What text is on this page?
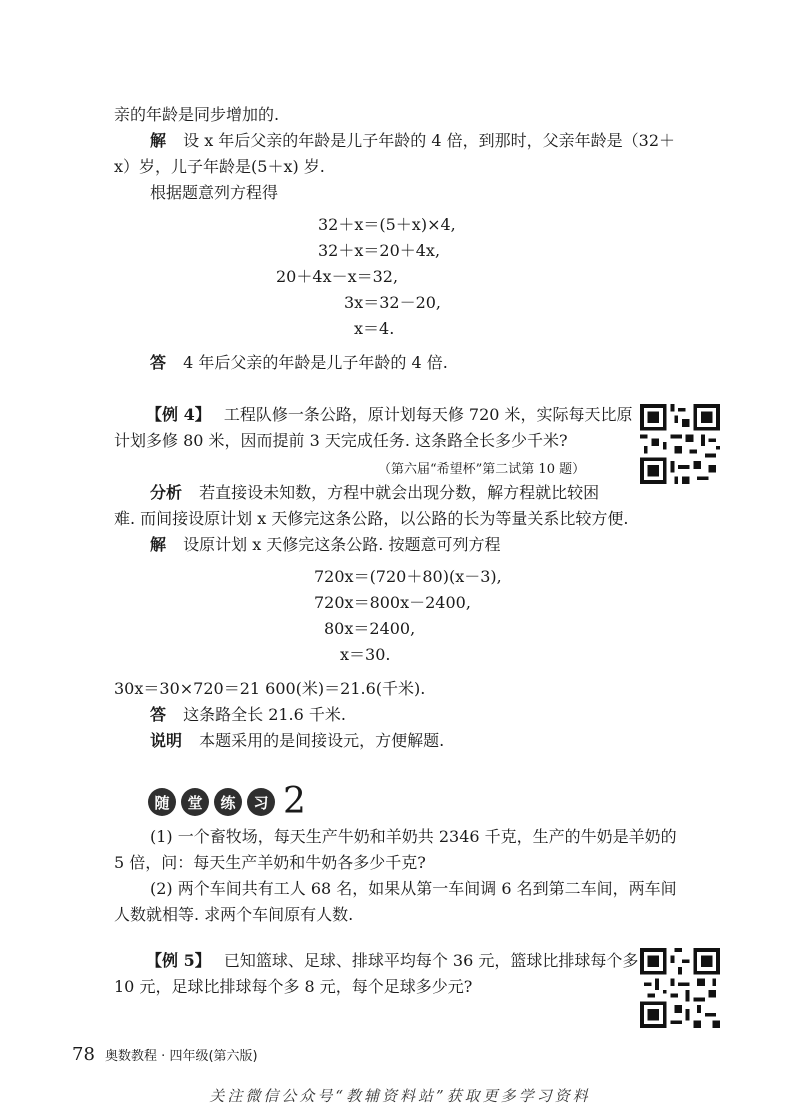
亲的年龄是同步增加的.
解 设 x 年后父亲的年龄是儿子年龄的 4 倍，到那时，父亲年龄是（32＋
x）岁，儿子年龄是(5＋x) 岁.
根据题意列方程得
32＋x＝(5＋x)×4,
32＋x＝20＋4x,
20＋4x－x＝32,
3x＝32－20,
x＝4.
答 4 年后父亲的年龄是儿子年龄的 4 倍.
【例 4】 工程队修一条公路，原计划每天修 720 米，实际每天比原
计划多修 80 米，因而提前 3 天完成任务. 这条路全长多少千米?
（第六届“希望杯”第二试第 10 题）
分析 若直接设未知数，方程中就会出现分数，解方程就比较困
难. 而间接设原计划 x 天修完这条公路，以公路的长为等量关系比较方便.
解 设原计划 x 天修完这条公路. 按题意可列方程
720x＝(720＋80)(x－3),
720x＝800x－2400,
80x＝2400,
x＝30.
30x＝30×720＝21 600(米)＝21.6(千米).
答 这条路全长 21.6 千米.
说明 本题采用的是间接设元，方便解题.
随	堂	练	习 2
(1) 一个畜牧场，每天生产牛奶和羊奶共 2346 千克，生产的牛奶是羊奶的
5 倍，问：每天生产羊奶和牛奶各多少千克?
(2) 两个车间共有工人 68 名，如果从第一车间调 6 名到第二车间，两车间
人数就相等. 求两个车间原有人数.
【例 5】 已知篮球、足球、排球平均每个 36 元，篮球比排球每个多
10 元，足球比排球每个多 8 元，每个足球多少元?
78 奥数教程 · 四年级(第六版)
关注微信公众号“教辅资料站”获取更多学习资料
